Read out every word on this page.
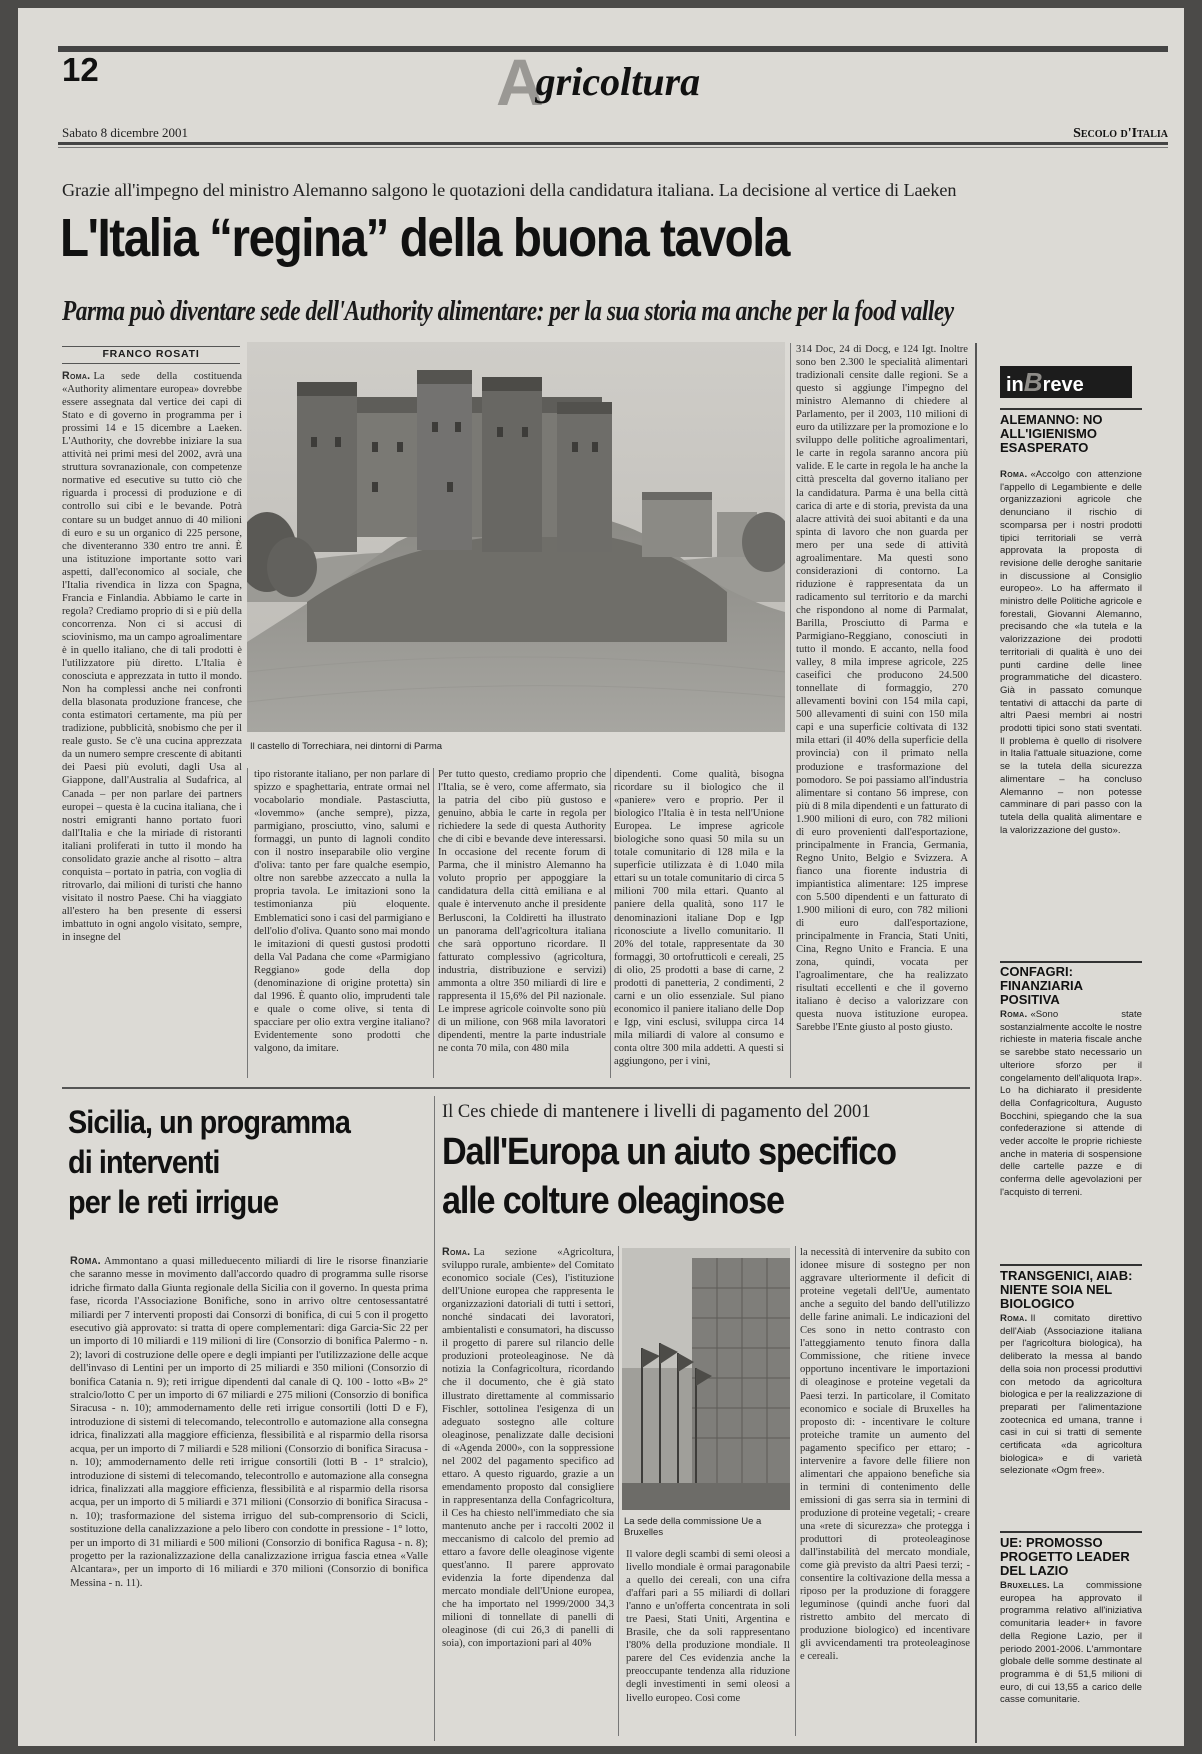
12	Agricoltura
Sabato 8 dicembre 2001	Secolo d'Italia
Grazie all'impegno del ministro Alemanno salgono le quotazioni della candidatura italiana. La decisione al vertice di Laeken
L'Italia “regina” della buona tavola
Parma può diventare sede dell'Authority alimentare: per la sua storia ma anche per la food valley
FRANCO ROSATI
Roma. La sede della costituenda «Authority alimentare europea» dovrebbe essere assegnata dal vertice dei capi di Stato e di governo in programma per i prossimi 14 e 15 dicembre a Laeken. L'Authority, che dovrebbe iniziare la sua attività nei primi mesi del 2002, avrà una struttura sovranazionale, con competenze normative ed esecutive su tutto ciò che riguarda i processi di produzione e di controllo sui cibi e le bevande. Potrà contare su un budget annuo di 40 milioni di euro e su un organico di 225 persone, che diventeranno 330 entro tre anni. È una istituzione importante sotto vari aspetti, dall'economico al sociale, che l'Italia rivendica in lizza con Spagna, Francia e Finlandia. Abbiamo le carte in regola? Crediamo proprio di sì e più della concorrenza. Non ci si accusi di sciovinismo, ma un campo agroalimentare è in quello italiano, che di tali prodotti è l'utilizzatore più diretto. L'Italia è conosciuta e apprezzata in tutto il mondo. Non ha complessi anche nei confronti della blasonata produzione francese, che conta estimatori certamente, ma più per tradizione, pubblicità, snobismo che per il reale gusto. Se c'è una cucina apprezzata da un numero sempre crescente di abitanti dei Paesi più evoluti, dagli Usa al Giappone, dall'Australia al Sudafrica, al Canada – per non parlare dei partners europei – questa è la cucina italiana, che i nostri emigranti hanno portato fuori dall'Italia e che la miriade di ristoranti italiani proliferati in tutto il mondo ha consolidato grazie anche al risotto – altra conquista – portato in patria, con voglia di ritrovarlo, dai milioni di turisti che hanno visitato il nostro Paese. Chi ha viaggiato all'estero ha ben presente di essersi imbattuto in ogni angolo visitato, sempre, in insegne del
Il castello di Torrechiara, nei dintorni di Parma
tipo ristorante italiano, per non parlare di spizzo e spaghettaria, entrate ormai nel vocabolario mondiale. Pastasciutta, «lovemmo» (anche sempre), pizza, parmigiano, prosciutto, vino, salumi e formaggi, un punto di lagnoli condito con il nostro inseparabile olio vergine d'oliva: tanto per fare qualche esempio, oltre non sarebbe azzeccato a nulla la propria tavola. Le imitazioni sono la testimonianza più eloquente. Emblematici sono i casi del parmigiano e dell'olio d'oliva. Quanto sono mai mondo le imitazioni di questi gustosi prodotti della Val Padana che come «Parmigiano Reggiano» gode della dop (denominazione di origine protetta) sin dal 1996. È quanto olio, imprudenti tale e quale o come olive, si tenta di spacciare per olio extra vergine italiano? Evidentemente sono prodotti che valgono, da imitare.
Per tutto questo, crediamo proprio che l'Italia, se è vero, come affermato, sia la patria del cibo più gustoso e genuino, abbia le carte in regola per richiedere la sede di questa Authority che di cibi e bevande deve interessarsi. In occasione del recente forum di Parma, che il ministro Alemanno ha voluto proprio per appoggiare la candidatura della città emiliana e al quale è intervenuto anche il presidente Berlusconi, la Coldiretti ha illustrato un panorama dell'agricoltura italiana che sarà opportuno ricordare. Il fatturato complessivo (agricoltura, industria, distribuzione e servizi) ammonta a oltre 350 miliardi di lire e rappresenta il 15,6% del Pil nazionale. Le imprese agricole coinvolte sono più di un milione, con 968 mila lavoratori dipendenti, mentre la parte industriale ne conta 70 mila, con 480 mila
dipendenti. Come qualità, bisogna ricordare su il biologico che il «paniere» vero e proprio. Per il biologico l'Italia è in testa nell'Unione Europea. Le imprese agricole biologiche sono quasi 50 mila su un totale comunitario di 128 mila e la superficie utilizzata è di 1.040 mila ettari su un totale comunitario di circa 5 milioni 700 mila ettari. Quanto al paniere della qualità, sono 117 le denominazioni italiane Dop e Igp riconosciute a livello comunitario. Il 20% del totale, rappresentate da 30 formaggi, 30 ortofrutticoli e cereali, 25 di olio, 25 prodotti a base di carne, 2 prodotti di panetteria, 2 condimenti, 2 carni e un olio essenziale. Sul piano economico il paniere italiano delle Dop e Igp, vini esclusi, sviluppa circa 14 mila miliardi di valore al consumo e conta oltre 300 mila addetti. A questi si aggiungono, per i vini,
314 Doc, 24 di Docg, e 124 Igt. Inoltre sono ben 2.300 le specialità alimentari tradizionali censite dalle regioni. Se a questo si aggiunge l'impegno del ministro Alemanno di chiedere al Parlamento, per il 2003, 110 milioni di euro da utilizzare per la promozione e lo sviluppo delle politiche agroalimentari, le carte in regola saranno ancora più valide. E le carte in regola le ha anche la città prescelta dal governo italiano per la candidatura. Parma è una bella città carica di arte e di storia, prevista da una alacre attività dei suoi abitanti e da una spinta di lavoro che non guarda per mero per una sede di attività agroalimentare. Ma questi sono considerazioni di contorno. La riduzione è rappresentata da un radicamento sul territorio e da marchi che rispondono al nome di Parmalat, Barilla, Prosciutto di Parma e Parmigiano-Reggiano, conosciuti in tutto il mondo. E accanto, nella food valley, 8 mila imprese agricole, 225 caseifici che producono 24.500 tonnellate di formaggio, 270 allevamenti bovini con 154 mila capi, 500 allevamenti di suini con 150 mila capi e una superficie coltivata di 132 mila ettari (il 40% della superficie della provincia) con il primato nella produzione e trasformazione del pomodoro. Se poi passiamo all'industria alimentare si contano 56 imprese, con più di 8 mila dipendenti e un fatturato di 1.900 milioni di euro, con 782 milioni di euro provenienti dall'esportazione, principalmente in Francia, Germania, Regno Unito, Belgio e Svizzera. A fianco una fiorente industria di impiantistica alimentare: 125 imprese con 5.500 dipendenti e un fatturato di 1.900 milioni di euro, con 782 milioni di euro dall'esportazione, principalmente in Francia, Stati Uniti, Cina, Regno Unito e Francia. E una zona, quindi, vocata per l'agroalimentare, che ha realizzato risultati eccellenti e che il governo italiano è deciso a valorizzare con questa nuova istituzione europea. Sarebbe l'Ente giusto al posto giusto.
inBreve
ALEMANNO: NO ALL'IGIENISMO ESASPERATO
Roma. «Accolgo con attenzione l'appello di Legambiente e delle organizzazioni agricole che denunciano il rischio di scomparsa per i nostri prodotti tipici territoriali se verrà approvata la proposta di revisione delle deroghe sanitarie in discussione al Consiglio europeo». Lo ha affermato il ministro delle Politiche agricole e forestali, Giovanni Alemanno, precisando che «la tutela e la valorizzazione dei prodotti territoriali di qualità è uno dei punti cardine delle linee programmatiche del dicastero. Già in passato comunque tentativi di attacchi da parte di altri Paesi membri ai nostri prodotti tipici sono stati sventati. Il problema è quello di risolvere in Italia l'attuale situazione, come se la tutela della sicurezza alimentare – ha concluso Alemanno – non potesse camminare di pari passo con la tutela della qualità alimentare e la valorizzazione del gusto».
CONFAGRI: FINANZIARIA POSITIVA
Roma. «Sono state sostanzialmente accolte le nostre richieste in materia fiscale anche se sarebbe stato necessario un ulteriore sforzo per il congelamento dell'aliquota Irap». Lo ha dichiarato il presidente della Confagricoltura, Augusto Bocchini, spiegando che la sua confederazione si attende di veder accolte le proprie richieste anche in materia di sospensione delle cartelle pazze e di conferma delle agevolazioni per l'acquisto di terreni.
TRANSGENICI, AIAB: NIENTE SOIA NEL BIOLOGICO
Roma. Il comitato direttivo dell'Aiab (Associazione italiana per l'agricoltura biologica), ha deliberato la messa al bando della soia non processi produttivi con metodo da agricoltura biologica e per la realizzazione di preparati per l'alimentazione zootecnica ed umana, tranne i casi in cui si tratti di semente certificata «da agricoltura biologica» e di varietà selezionate «Ogm free».
UE: PROMOSSO PROGETTO LEADER DEL LAZIO
Bruxelles. La commissione europea ha approvato il programma relativo all'iniziativa comunitaria leader+ in favore della Regione Lazio, per il periodo 2001-2006. L'ammontare globale delle somme destinate al programma è di 51,5 milioni di euro, di cui 13,55 a carico delle casse comunitarie.
Sicilia, un programma
di interventi
per le reti irrigue
Roma. Ammontano a quasi milleduecento miliardi di lire le risorse finanziarie che saranno messe in movimento dall'accordo quadro di programma sulle risorse idriche firmato dalla Giunta regionale della Sicilia con il governo. In questa prima fase, ricorda l'Associazione Bonifiche, sono in arrivo oltre centosessantatré miliardi per 7 interventi proposti dai Consorzi di bonifica, di cui 5 con il progetto esecutivo già approvato: si tratta di opere complementari: diga Garcia-Sic 22 per un importo di 10 miliardi e 119 milioni di lire (Consorzio di bonifica Palermo - n. 2); lavori di costruzione delle opere e degli impianti per l'utilizzazione delle acque dell'invaso di Lentini per un importo di 25 miliardi e 350 milioni (Consorzio di bonifica Catania n. 9); reti irrigue dipendenti dal canale di Q. 100 - lotto «B» 2° stralcio/lotto C per un importo di 67 miliardi e 275 milioni (Consorzio di bonifica Siracusa - n. 10); ammodernamento delle reti irrigue consortili (lotti D e F), introduzione di sistemi di telecomando, telecontrollo e automazione alla consegna idrica, finalizzati alla maggiore efficienza, flessibilità e al risparmio della risorsa acqua, per un importo di 7 miliardi e 528 milioni (Consorzio di bonifica Siracusa - n. 10); ammodernamento delle reti irrigue consortili (lotti B - 1° stralcio), introduzione di sistemi di telecomando, telecontrollo e automazione alla consegna idrica, finalizzati alla maggiore efficienza, flessibilità e al risparmio della risorsa acqua, per un importo di 5 miliardi e 371 milioni (Consorzio di bonifica Siracusa - n. 10); trasformazione del sistema irriguo del sub-comprensorio di Scicli, sostituzione della canalizzazione a pelo libero con condotte in pressione - 1° lotto, per un importo di 31 miliardi e 500 milioni (Consorzio di bonifica Ragusa - n. 8); progetto per la razionalizzazione della canalizzazione irrigua fascia etnea «Valle Alcantara», per un importo di 16 miliardi e 370 milioni (Consorzio di bonifica Messina - n. 11).
Il Ces chiede di mantenere i livelli di pagamento del 2001
Dall'Europa un aiuto specifico
alle colture oleaginose
Roma. La sezione «Agricoltura, sviluppo rurale, ambiente» del Comitato economico sociale (Ces), l'istituzione dell'Unione europea che rappresenta le organizzazioni datoriali di tutti i settori, nonché sindacati dei lavoratori, ambientalisti e consumatori, ha discusso il progetto di parere sul rilancio delle produzioni proteoleaginose. Ne dà notizia la Confagricoltura, ricordando che il documento, che è già stato illustrato direttamente al commissario Fischler, sottolinea l'esigenza di un adeguato sostegno alle colture oleaginose, penalizzate dalle decisioni di «Agenda 2000», con la soppressione nel 2002 del pagamento specifico ad ettaro. A questo riguardo, grazie a un emendamento proposto dal consigliere in rappresentanza della Confagricoltura, il Ces ha chiesto nell'immediato che sia mantenuto anche per i raccolti 2002 il meccanismo di calcolo del premio ad ettaro a favore delle oleaginose vigente quest'anno. Il parere approvato evidenzia la forte dipendenza dal mercato mondiale dell'Unione europea, che ha importato nel 1999/2000 34,3 milioni di tonnellate di panelli di oleaginose (di cui 26,3 di panelli di soia), con importazioni pari al 40%
La sede della commissione Ue a Bruxelles
Il valore degli scambi di semi oleosi a livello mondiale è ormai paragonabile a quello dei cereali, con una cifra d'affari pari a 55 miliardi di dollari l'anno e un'offerta concentrata in soli tre Paesi, Stati Uniti, Argentina e Brasile, che da soli rappresentano l'80% della produzione mondiale. Il parere del Ces evidenzia anche la preoccupante tendenza alla riduzione degli investimenti in semi oleosi a livello europeo. Così come
la necessità di intervenire da subito con idonee misure di sostegno per non aggravare ulteriormente il deficit di proteine vegetali dell'Ue, aumentato anche a seguito del bando dell'utilizzo delle farine animali. Le indicazioni del Ces sono in netto contrasto con l'atteggiamento tenuto finora dalla Commissione, che ritiene invece opportuno incentivare le importazioni di oleaginose e proteine vegetali da Paesi terzi. In particolare, il Comitato economico e sociale di Bruxelles ha proposto di: - incentivare le colture proteiche tramite un aumento del pagamento specifico per ettaro; - intervenire a favore delle filiere non alimentari che appaiono benefiche sia in termini di contenimento delle emissioni di gas serra sia in termini di produzione di proteine vegetali; - creare una «rete di sicurezza» che protegga i produttori di proteoleaginose dall'instabilità del mercato mondiale, come già previsto da altri Paesi terzi; - consentire la coltivazione della messa a riposo per la produzione di foraggere leguminose (quindi anche fuori dal ristretto ambito del mercato di produzione biologico) ed incentivare gli avvicendamenti tra proteoleaginose e cereali.
